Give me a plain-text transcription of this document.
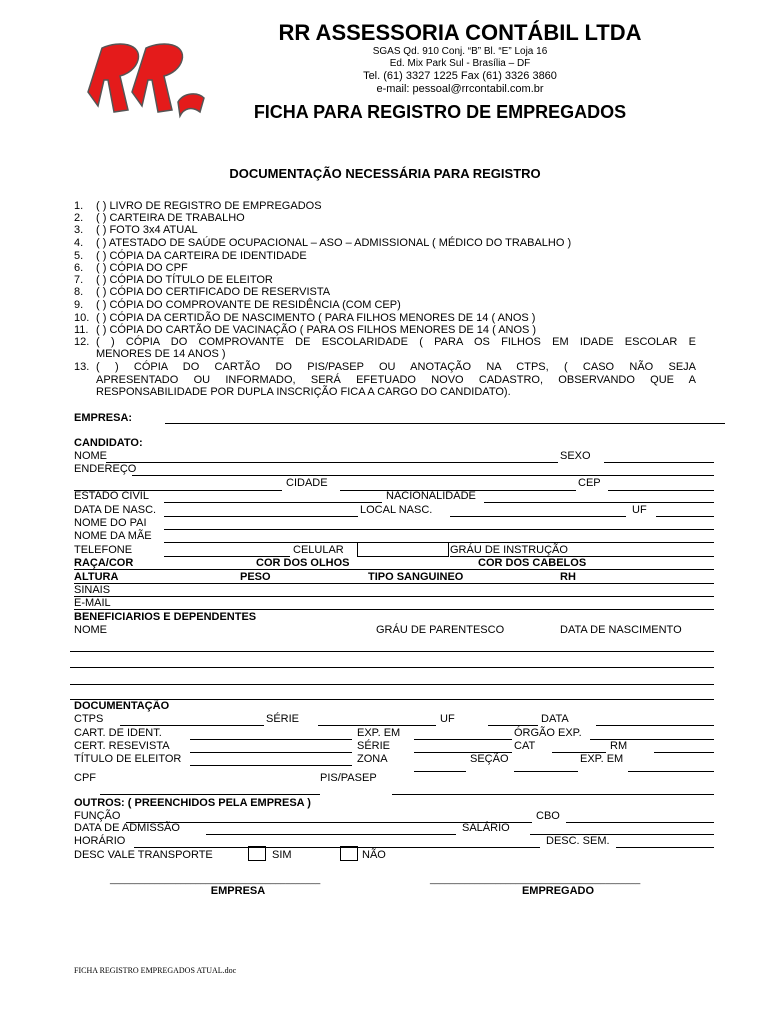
RR ASSESSORIA CONTÁBIL LTDA
SGAS Qd. 910 Conj. “B” Bl. “E” Loja 16
Ed. Mix Park Sul - Brasília – DF
Tel. (61) 3327 1225 Fax (61) 3326 3860
e-mail: pessoal@rrcontabil.com.br
FICHA PARA REGISTRO DE EMPREGADOS
DOCUMENTAÇÃO NECESSÁRIA PARA REGISTRO
1. ( ) LIVRO DE REGISTRO DE EMPREGADOS
2. ( ) CARTEIRA DE TRABALHO
3. ( ) FOTO 3x4 ATUAL
4. ( ) ATESTADO DE SAÚDE OCUPACIONAL – ASO – ADMISSIONAL ( MÉDICO DO TRABALHO )
5. ( ) CÓPIA DA CARTEIRA DE IDENTIDADE
6. ( ) CÓPIA DO CPF
7. ( ) CÓPIA DO TÍTULO DE ELEITOR
8. ( ) CÓPIA DO CERTIFICADO DE RESERVISTA
9. ( ) CÓPIA DO COMPROVANTE DE RESIDÊNCIA (COM CEP)
10. ( ) CÓPIA DA CERTIDÃO DE NASCIMENTO ( PARA FILHOS MENORES DE 14 ( ANOS )
11. ( ) CÓPIA DO CARTÃO DE VACINAÇÃO ( PARA OS FILHOS MENORES DE 14 ( ANOS )
12. ( ) CÓPIA DO COMPROVANTE DE ESCOLARIDADE ( PARA OS FILHOS EM IDADE ESCOLAR E
MENORES DE 14 ANOS )
13. ( ) CÓPIA DO CARTÃO DO PIS/PASEP OU ANOTAÇÃO NA CTPS, ( CASO NÃO SEJA
APRESENTADO OU INFORMADO, SERÁ EFETUADO NOVO CADASTRO, OBSERVANDO QUE A
RESPONSABILIDADE POR DUPLA INSCRIÇÃO FICA A CARGO DO CANDIDATO).
EMPRESA:
CANDIDATO:
NOME	SEXO
ENDEREÇO
CIDADE	CEP
ESTADO CIVIL	NACIONALIDADE
DATA DE NASC.	LOCAL NASC.	UF
NOME DO PAI
NOME DA MÃE
TELEFONE	CELULAR	GRÁU DE INSTRUÇÃO
RAÇA/COR	COR DOS OLHOS	COR DOS CABELOS
ALTURA	PESO	TIPO SANGUINEO	RH
SINAIS
E-MAIL
BENEFICIARIOS E DEPENDENTES
NOME	GRÁU DE PARENTESCO	DATA DE NASCIMENTO
DOCUMENTAÇÃO
CTPS	SÉRIE	UF	DATA
CART. DE IDENT.	EXP. EM	ÓRGÃO EXP.
CERT. RESEVISTA	SÉRIE	CAT	RM
TÍTULO DE ELEITOR	ZONA	SEÇÃO	EXP. EM
CPF	PIS/PASEP
OUTROS: ( PREENCHIDOS PELA EMPRESA )
FUNÇÃO	CBO
DATA DE ADMISSÃO	SALÁRIO
HORÁRIO	DESC. SEM.
DESC VALE TRANSPORTE	SIM	NÃO
__________________________________________
EMPRESA
__________________________________________
EMPREGADO
FICHA REGISTRO EMPREGADOS ATUAL.doc
